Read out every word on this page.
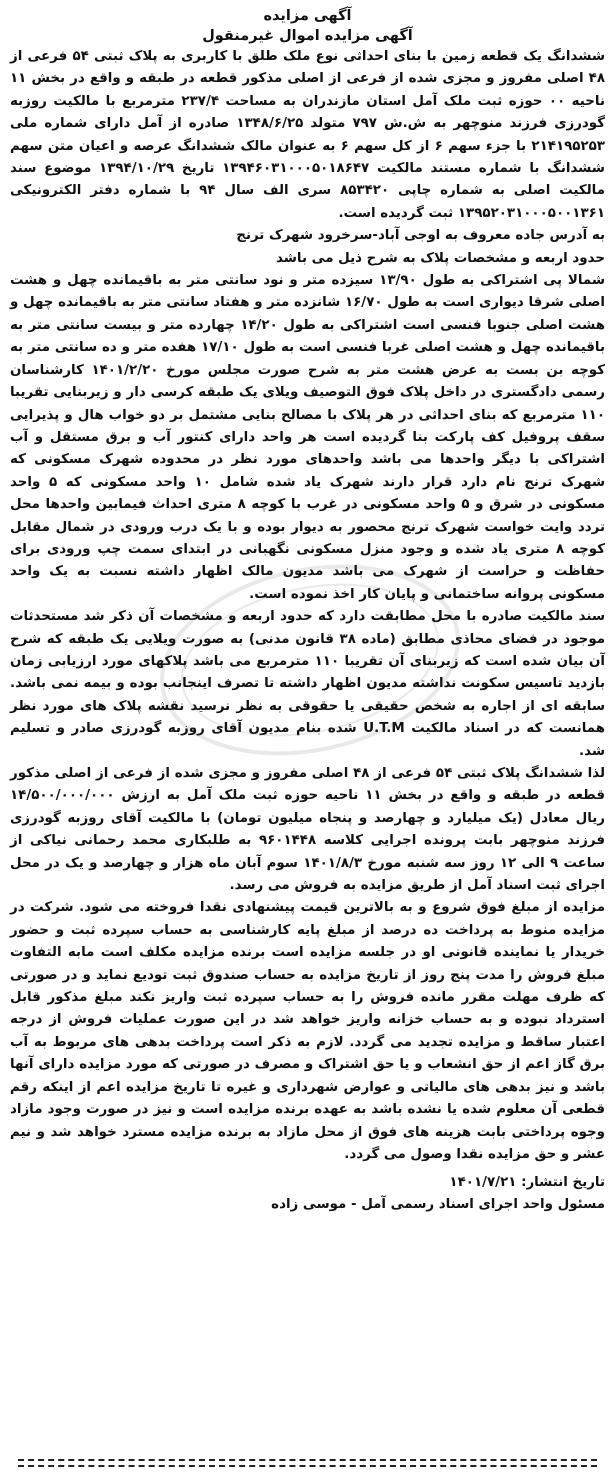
آگهی مزایده
آگهی مزایده اموال غیرمنقول

ششدانگ یک قطعه زمین با بنای احداثی نوع ملک طلق با کاربری به پلاک ثبتی ۵۴ فرعی از ۴۸ اصلی مفروز و مجزی شده از فرعی از اصلی مذکور قطعه در طبقه و واقع در بخش ۱۱ ناحیه ۰۰ حوزه ثبت ملک آمل استان مازندران به مساحت ۲۳۷/۴ مترمربع با مالکیت روزبه گودرزی فرزند منوچهر به ش.ش ۷۹۷ متولد ۱۳۴۸/۶/۲۵ صادره از آمل دارای شماره ملی ۲۱۴۱۹۵۲۵۳ با جزء سهم ۶ از کل سهم ۶ به عنوان مالک ششدانگ عرصه و اعیان متن سهم ششدانگ با شماره مستند مالکیت ۱۳۹۴۶۰۳۱۰۰۰۵۰۱۸۶۴۷ تاریخ ۱۳۹۴/۱۰/۲۹ موضوع سند مالکیت اصلی به شماره چاپی ۸۵۳۴۲۰ سری الف سال ۹۴ با شماره دفتر الکترونیکی ۱۳۹۵۲۰۳۱۰۰۰۵۰۰۱۳۶۱ ثبت گردیده است.

به آدرس جاده معروف به اوجی آباد-سرخرود شهرک ترنج

حدود اربعه و مشخصات پلاک به شرح ذیل می باشد

شمالا پی اشتراکی به طول ۱۳/۹۰ سیزده متر و نود سانتی متر به باقیمانده چهل و هشت اصلی شرقا دیواری است به طول ۱۶/۷۰ شانزده متر و هفتاد سانتی متر به باقیمانده چهل و هشت اصلی جنوبا فنسی است اشتراکی به طول ۱۴/۲۰ چهارده متر و بیست سانتی متر به باقیمانده چهل و هشت اصلی غربا فنسی است به طول ۱۷/۱۰ هفده متر و ده سانتی متر به کوچه بن بست به عرض هشت متر به شرح صورت مجلس مورخ ۱۴۰۱/۲/۲۰ کارشناسان رسمی دادگستری در داخل پلاک فوق التوصیف ویلای یک طبقه کرسی دار و زیربنایی تقریبا ۱۱۰ مترمربع که بنای احداثی در هر پلاک با مصالح بنایی مشتمل بر دو خواب هال و پذیرایی سقف پروفیل کف پارکت بنا گردیده است هر واحد دارای کنتور آب و برق مستقل و آب اشتراکی با دیگر واحدها می باشد واحدهای مورد نظر در محدوده شهرک مسکونی که شهرک ترنج نام دارد قرار دارند شهرک یاد شده شامل ۱۰ واحد مسکونی که ۵ واحد مسکونی در شرق و ۵ واحد مسکونی در غرب با کوچه ۸ متری احداث فیمابین واحدها محل تردد وایت خواست شهرک ترنج محصور به دیوار بوده و با یک درب ورودی در شمال مقابل کوچه ۸ متری یاد شده و وجود منزل مسکونی نگهبانی در ابتدای سمت چپ ورودی برای حفاظت و حراست از شهرک می باشد مدیون مالک اظهار داشته نسبت به یک واحد مسکونی پروانه ساختمانی و پایان کار اخذ نموده است.

سند مالکیت صادره با محل مطابقت دارد که حدود اربعه و مشخصات آن ذکر شد مستحدثات موجود در فضای محاذی مطابق (ماده ۳۸ قانون مدنی) به صورت ویلایی یک طبقه که شرح آن بیان شده است که زیربنای آن تقریبا ۱۱۰ مترمربع می باشد پلاکهای مورد ارزیابی زمان بازدید تاسیس سکونت نداشته مدیون اظهار داشته تا تصرف اینجانب بوده و بیمه نمی باشد. سابقه ای از اجاره به شخص حقیقی یا حقوقی به نظر نرسید نقشه پلاک های مورد نظر همانست که در اسناد مالکیت U.T.M شده بنام مدیون آقای روزبه گودرزی صادر و تسلیم شد.

لذا ششدانگ پلاک ثبتی ۵۴ فرعی از ۴۸ اصلی مفروز و مجزی شده از فرعی از اصلی مذکور قطعه در طبقه و واقع در بخش ۱۱ ناحیه حوزه ثبت ملک آمل به ارزش ۱۴/۵۰۰/۰۰۰/۰۰۰ ریال معادل (یک میلیارد و چهارصد و پنجاه میلیون تومان) با مالکیت آقای روزبه گودرزی فرزند منوچهر بابت پرونده اجرایی کلاسه ۹۶۰۱۴۴۸ به طلبکاری محمد رحمانی نیاکی از ساعت ۹ الی ۱۲ روز سه شنبه مورخ ۱۴۰۱/۸/۳ سوم آبان ماه هزار و چهارصد و یک در محل اجرای ثبت اسناد آمل از طریق مزایده به فروش می رسد.

مزایده از مبلغ فوق شروع و به بالاترین قیمت پیشنهادی نقدا فروخته می شود. شرکت در مزایده منوط به پرداخت ده درصد از مبلغ پایه کارشناسی به حساب سپرده ثبت و حضور خریدار یا نماینده قانونی او در جلسه مزایده است برنده مزایده مکلف است مابه التفاوت مبلغ فروش را مدت پنج روز از تاریخ مزایده به حساب صندوق ثبت تودیع نماید و در صورتی که ظرف مهلت مقرر مانده فروش را به حساب سپرده ثبت واریز نکند مبلغ مذکور قابل استرداد نبوده و به حساب خزانه واریز خواهد شد در این صورت عملیات فروش از درجه اعتبار ساقط و مزایده تجدید می گردد. لازم به ذکر است پرداخت بدهی های مربوط به آب برق گاز اعم از حق انشعاب و یا حق اشتراک و مصرف در صورتی که مورد مزایده دارای آنها باشد و نیز بدهی های مالیاتی و عوارض شهرداری و غیره تا تاریخ مزایده اعم از اینکه رقم قطعی آن معلوم شده یا نشده باشد به عهده برنده مزایده است و نیز در صورت وجود مازاد وجوه پرداختی بابت هزینه های فوق از محل مازاد به برنده مزایده مسترد خواهد شد و نیم عشر و حق مزایده نقدا وصول می گردد.

تاریخ انتشار: ۱۴۰۱/۷/۲۱
مسئول واحد اجرای اسناد رسمی آمل - موسی زاده
